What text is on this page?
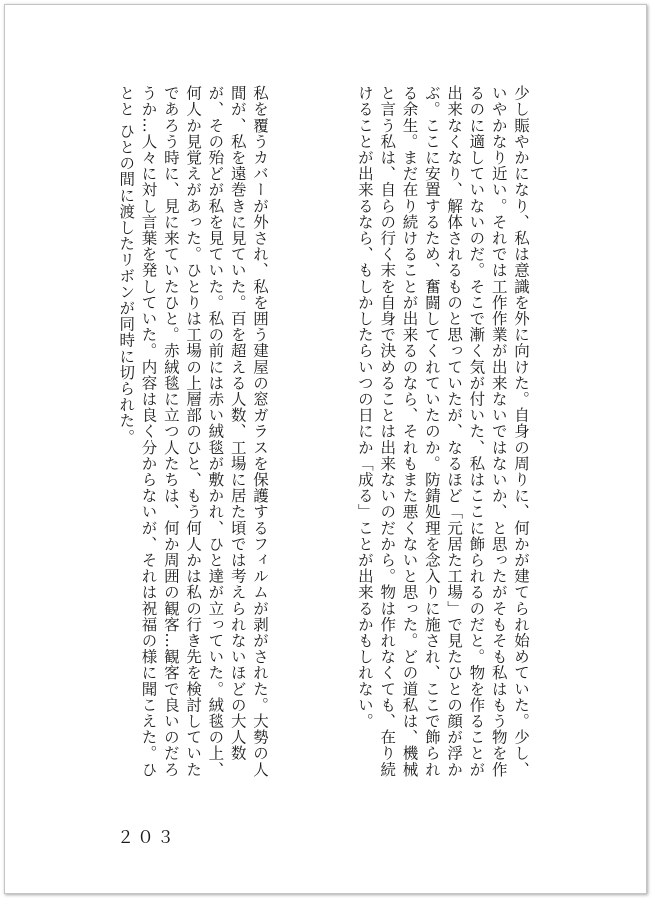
少し賑やかになり、私は意識を外に向けた。自身の周りに、何かが建てられ始めていた。少し、いやかなり近い。それでは工作作業が出来ないではないか、と思ったがそもそも私はもう物を作るのに適していないのだ。そこで漸く気が付いた、私はここに飾られるのだと。物を作ることが出来なくなり、解体されるものと思っていたが、なるほど「元居た工場」で見たひとの顔が浮かぶ。ここに安置するため、奮闘してくれていたのか。防錆処理を念入りに施され、ここで飾られる余生。まだ在り続けることが出来るのなら、それもまた悪くないと思った。どの道私は、機械と言う私は、自らの行く末を自身で決めることは出来ないのだから。物は作れなくても、在り続けることが出来るなら、もしかしたらいつの日にか「成る」ことが出来るかもしれない。

私を覆うカバーが外され、私を囲う建屋の窓ガラスを保護するフィルムが剥がされた。大勢の人間が、私を遠巻きに見ていた。百を超える人数、工場に居た頃では考えられないほどの大人数が、その殆どが私を見ていた。私の前には赤い絨毯が敷かれ、ひと達が立っていた。絨毯の上、何人か見覚えがあった。ひとりは工場の上層部のひと、もう何人かは私の行き先を検討していたであろう時に、見に来ていたひと。赤絨毯に立つ人たちは、何か周囲の観客…観客で良いのだろうか…人々に対し言葉を発していた。内容は良く分からないが、それは祝福の様に聞こえた。ひとと ひとの間に渡したリボンが同時に切られた。

２０３
